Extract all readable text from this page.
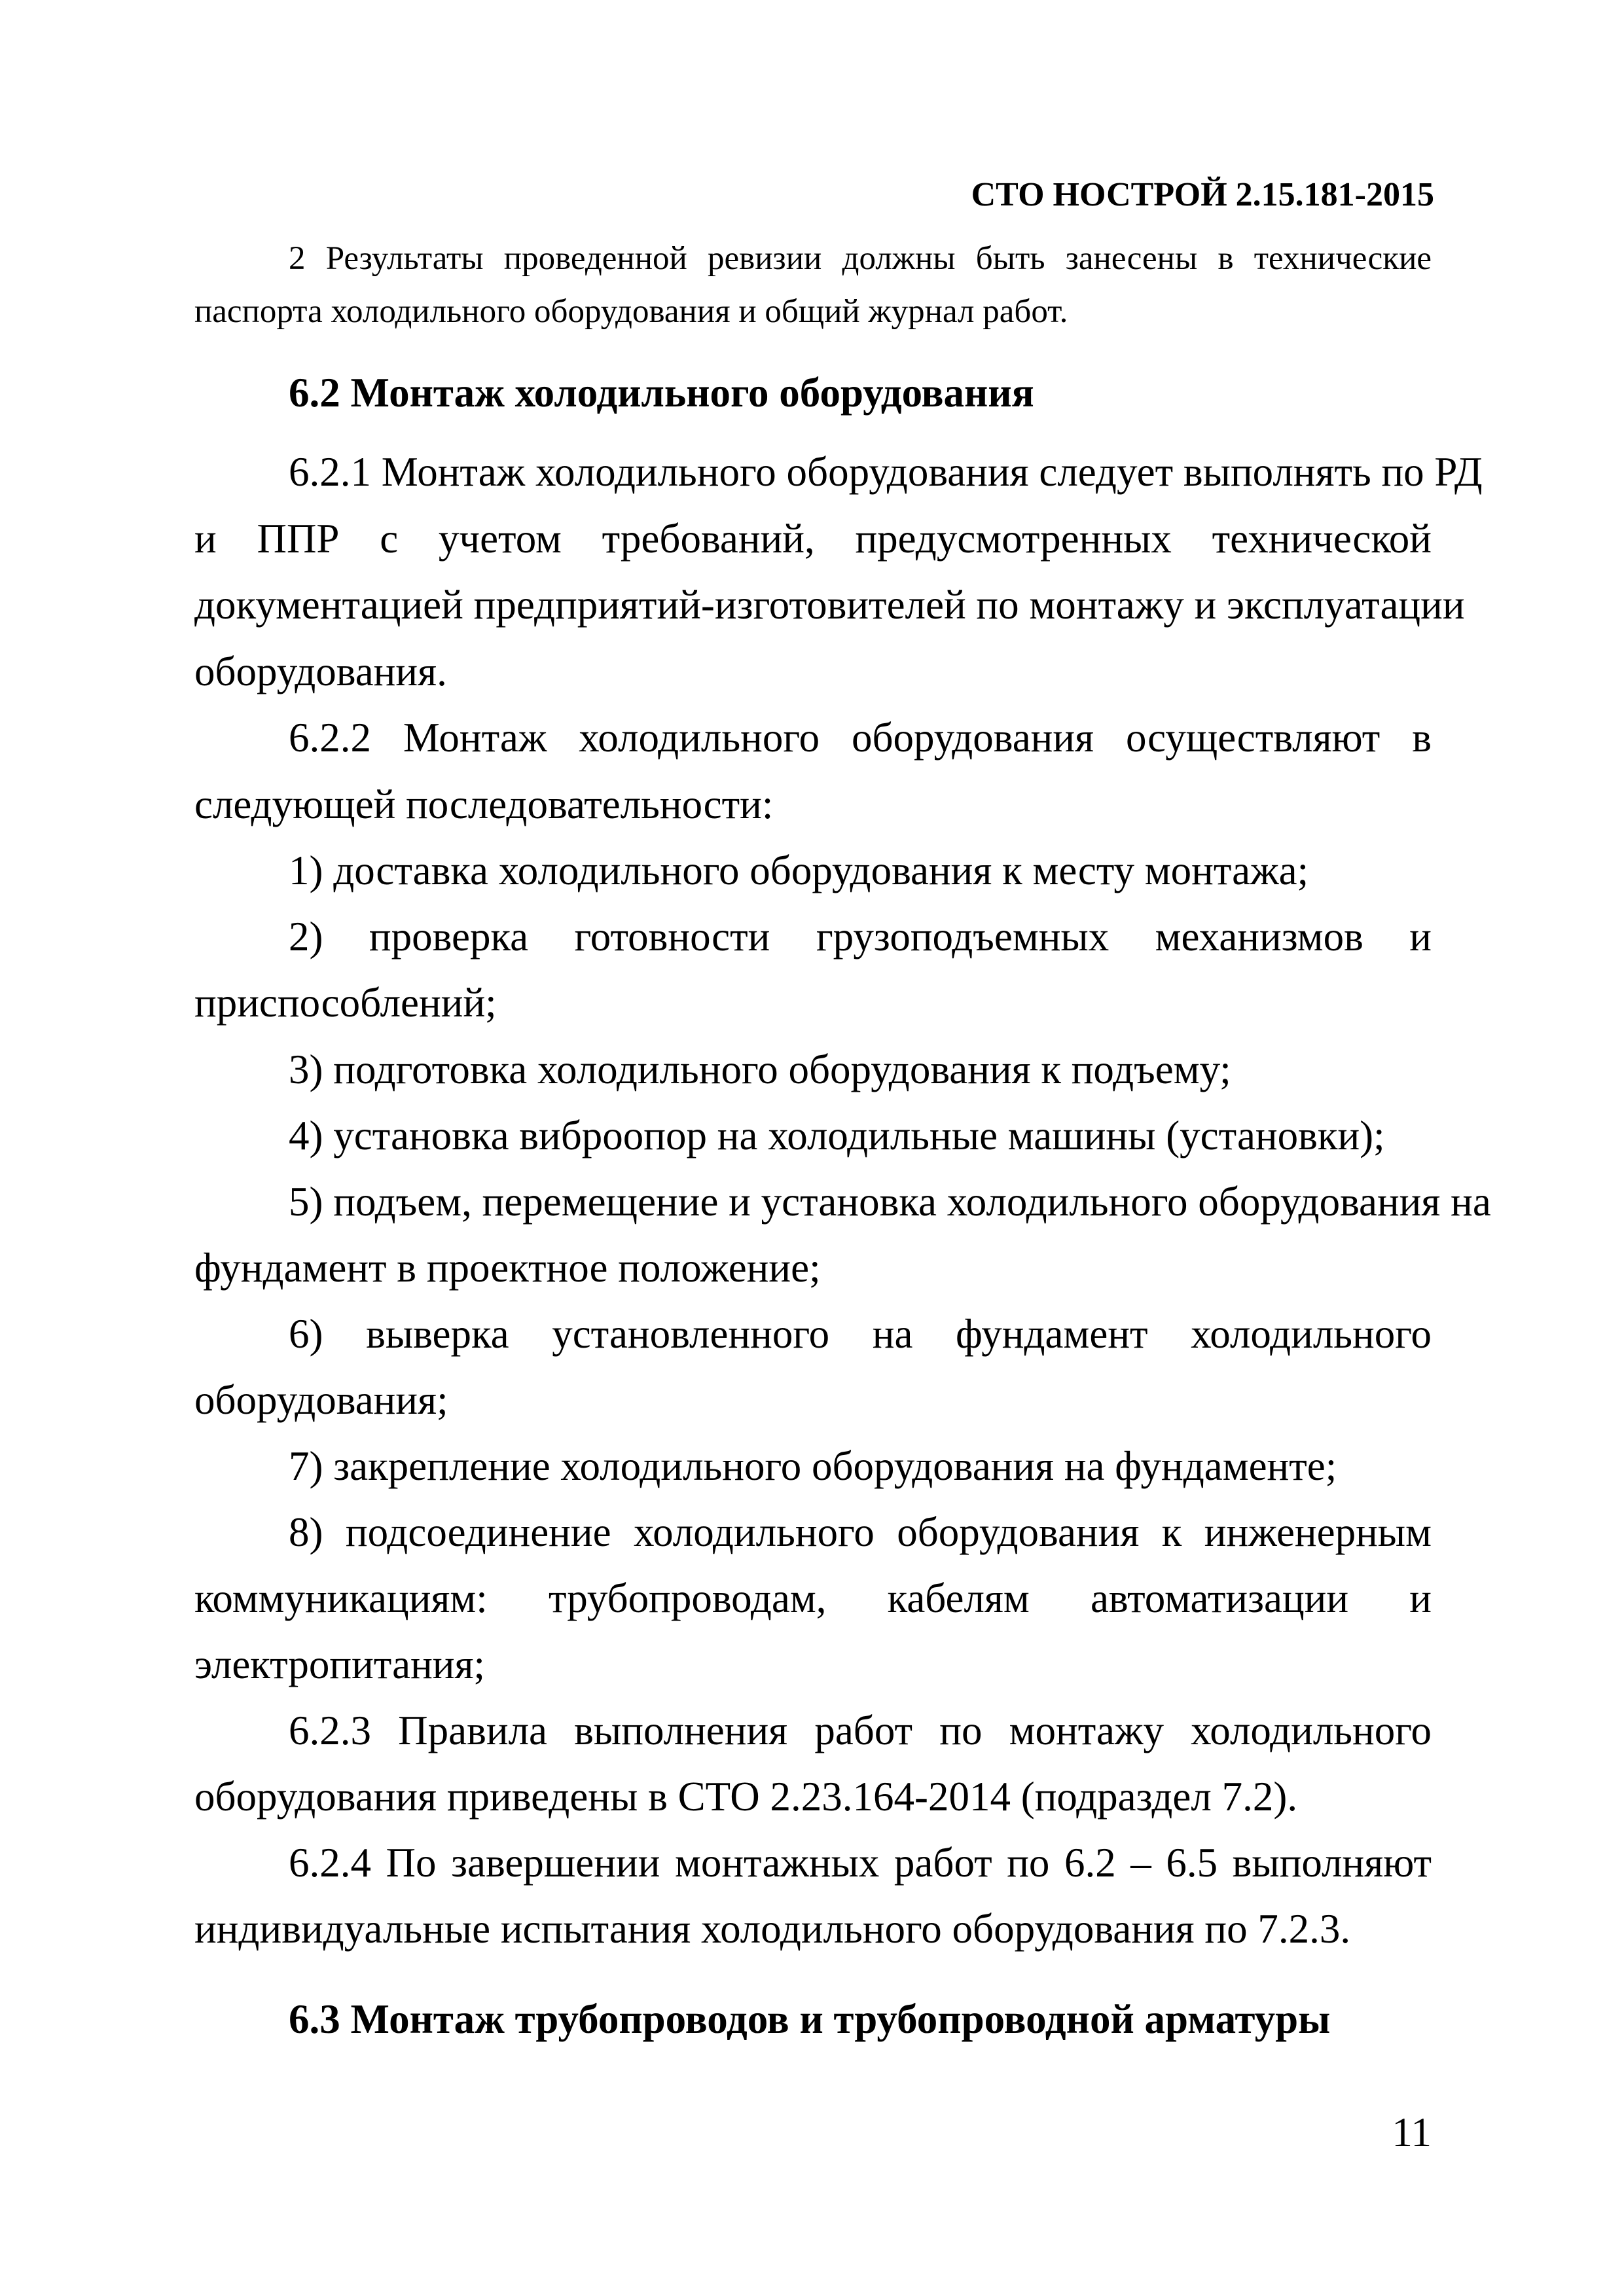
СТО НОСТРОЙ 2.15.181-2015

2 Результаты проведенной ревизии должны быть занесены в технические

паспорта холодильного оборудования и общий журнал работ.

6.2 Монтаж холодильного оборудования

6.2.1 Монтаж холодильного оборудования следует выполнять по РД

и ППР с учетом требований, предусмотренных технической

документацией предприятий-изготовителей по монтажу и эксплуатации

оборудования.

6.2.2 Монтаж холодильного оборудования осуществляют в

следующей последовательности:

1) доставка холодильного оборудования к месту монтажа;

2) проверка готовности грузоподъемных механизмов и

приспособлений;

3) подготовка холодильного оборудования к подъему;

4) установка виброопор на холодильные машины (установки);

5) подъем, перемещение и установка холодильного оборудования на

фундамент в проектное положение;

6) выверка установленного на фундамент холодильного

оборудования;

7) закрепление холодильного оборудования на фундаменте;

8) подсоединение холодильного оборудования к инженерным

коммуникациям: трубопроводам, кабелям автоматизации и

электропитания;

6.2.3 Правила выполнения работ по монтажу холодильного

оборудования приведены в СТО 2.23.164-2014 (подраздел 7.2).

6.2.4 По завершении монтажных работ по 6.2 – 6.5 выполняют

индивидуальные испытания холодильного оборудования по 7.2.3.

6.3 Монтаж трубопроводов и трубопроводной арматуры

11
